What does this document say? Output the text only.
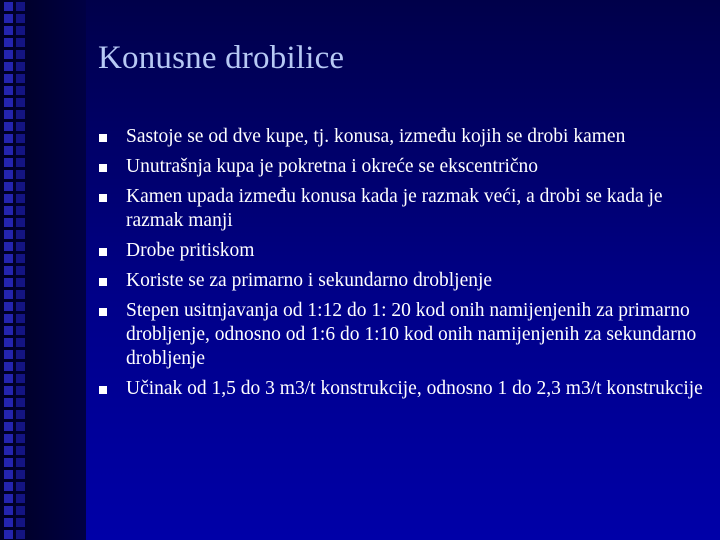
Konusne drobilice
Sastoje se od dve kupe, tj. konusa, između kojih se drobi kamen
Unutrašnja kupa je pokretna i okreće se ekscentrično
Kamen upada između konusa kada je razmak veći, a drobi se kada je razmak manji
Drobe pritiskom
Koriste se za primarno i sekundarno drobljenje
Stepen usitnjavanja od 1:12 do 1: 20 kod onih namijenjenih za primarno drobljenje, odnosno od 1:6 do 1:10 kod onih namijenjenih za sekundarno drobljenje
Učinak od 1,5 do 3 m3/t konstrukcije, odnosno 1 do 2,3 m3/t konstrukcije
